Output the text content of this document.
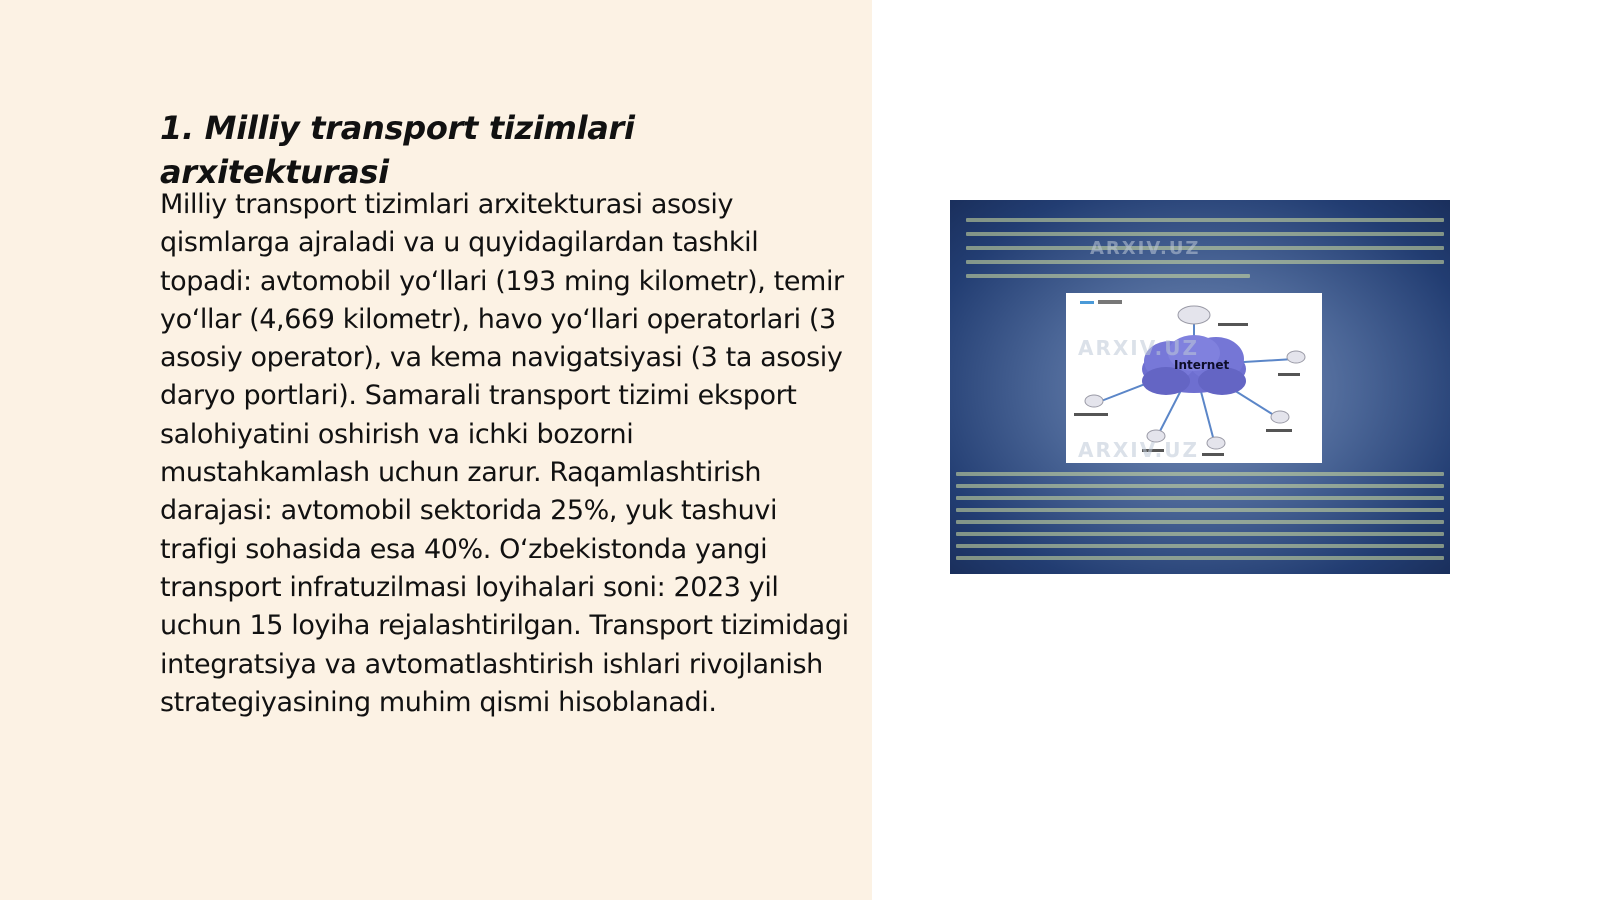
1. Milliy transport tizimlari arxitekturasi

Milliy transport tizimlari arxitekturasi asosiy qismlarga ajraladi va u quyidagilardan tashkil topadi: avtomobil yo‘llari (193 ming kilometr), temir yo‘llar (4,669 kilometr), havo yo‘llari operatorlari (3 asosiy operator), va kema navigatsiyasi (3 ta asosiy daryo portlari). Samarali transport tizimi eksport salohiyatini oshirish va ichki bozorni mustahkamlash uchun zarur. Raqamlashtirish darajasi: avtomobil sektorida 25%, yuk tashuvi trafigi sohasida esa 40%. O‘zbekistonda yangi transport infratuzilmasi loyihalari soni: 2023 yil uchun 15 loyiha rejalashtirilgan. Transport tizimidagi integratsiya va avtomatlashtirish ishlari rivojlanish strategiyasining muhim qismi hisoblanadi.

ARXIV.UZ
Internet
ARXIV.UZ
ARXIV.UZ
